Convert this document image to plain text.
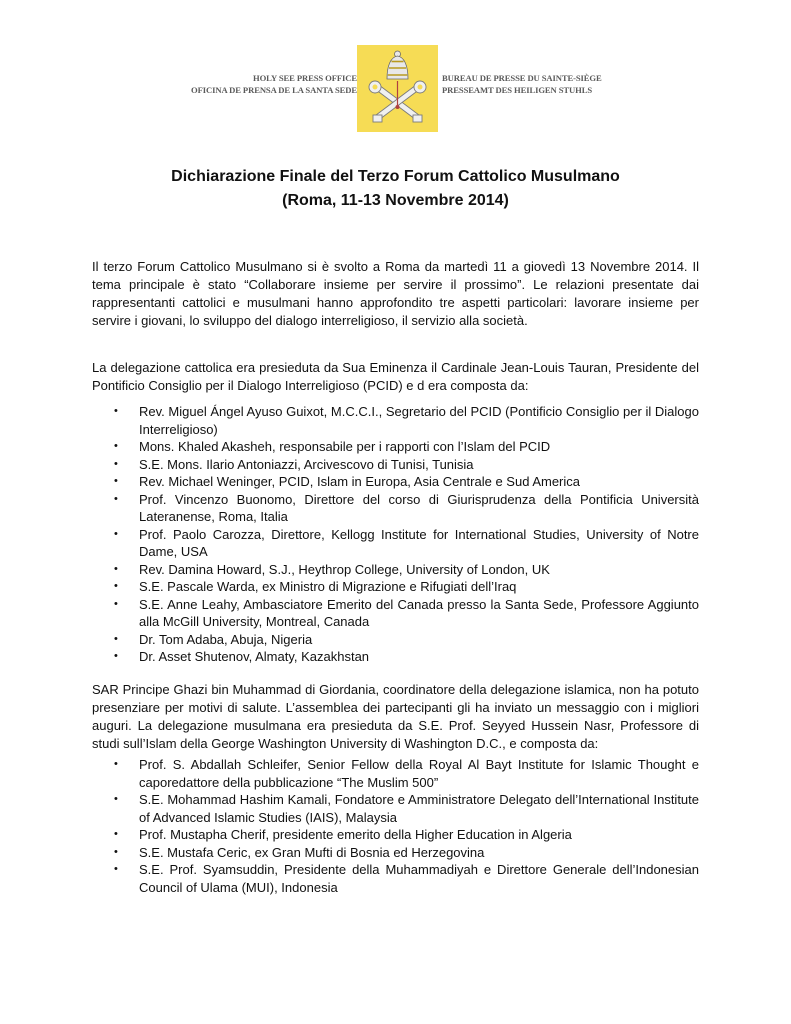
HOLY SEE PRESS OFFICE
OFICINA DE PRENSA DE LA SANTA SEDE
BUREAU DE PRESSE DU SAINTE-SIÈGE
PRESSEAMT DES HEILIGEN STUHLS
Dichiarazione Finale del Terzo Forum Cattolico Musulmano
(Roma, 11-13 Novembre 2014)

Il terzo Forum Cattolico Musulmano si è svolto a Roma da martedì 11 a giovedì 13 Novembre 2014. Il tema principale è stato “Collaborare insieme per servire il prossimo”. Le relazioni presentate dai rappresentanti cattolici e musulmani hanno approfondito tre aspetti particolari: lavorare insieme per servire i giovani, lo sviluppo del dialogo interreligioso, il servizio alla società.

La delegazione cattolica era presieduta da Sua Eminenza il Cardinale Jean-Louis Tauran, Presidente del Pontificio Consiglio per il Dialogo Interreligioso (PCID) e d era composta da:

• Rev. Miguel Ángel Ayuso Guixot, M.C.C.I., Segretario del PCID (Pontificio Consiglio per il Dialogo Interreligioso)
• Mons. Khaled Akasheh, responsabile per i rapporti con l’Islam del PCID
• S.E. Mons. Ilario Antoniazzi, Arcivescovo di Tunisi, Tunisia
• Rev. Michael Weninger, PCID, Islam in Europa, Asia Centrale e Sud America
• Prof. Vincenzo Buonomo, Direttore del corso di Giurisprudenza della Pontificia Università Lateranense, Roma, Italia
• Prof. Paolo Carozza, Direttore, Kellogg Institute for International Studies, University of Notre Dame, USA
• Rev. Damina Howard, S.J., Heythrop College, University of London, UK
• S.E. Pascale Warda, ex Ministro di Migrazione e Rifugiati dell’Iraq
• S.E. Anne Leahy, Ambasciatore Emerito del Canada presso la Santa Sede, Professore Aggiunto alla McGill University, Montreal, Canada
• Dr. Tom Adaba, Abuja, Nigeria
• Dr. Asset Shutenov, Almaty, Kazakhstan

SAR Principe Ghazi bin Muhammad di Giordania, coordinatore della delegazione islamica, non ha potuto presenziare per motivi di salute. L’assemblea dei partecipanti gli ha inviato un messaggio con i migliori auguri. La delegazione musulmana era presieduta da S.E. Prof. Seyyed Hussein Nasr, Professore di studi sull’Islam della George Washington University di Washington D.C., e composta da:

• Prof. S. Abdallah Schleifer, Senior Fellow della Royal Al Bayt Institute for Islamic Thought e caporedattore della pubblicazione “The Muslim 500”
• S.E. Mohammad Hashim Kamali, Fondatore e Amministratore Delegato dell’International Institute of Advanced Islamic Studies (IAIS), Malaysia
• Prof. Mustapha Cherif, presidente emerito della Higher Education in Algeria
• S.E. Mustafa Ceric, ex Gran Mufti di Bosnia ed Herzegovina
• S.E. Prof. Syamsuddin, Presidente della Muhammadiyah e Direttore Generale dell’Indonesian Council of Ulama (MUI), Indonesia
